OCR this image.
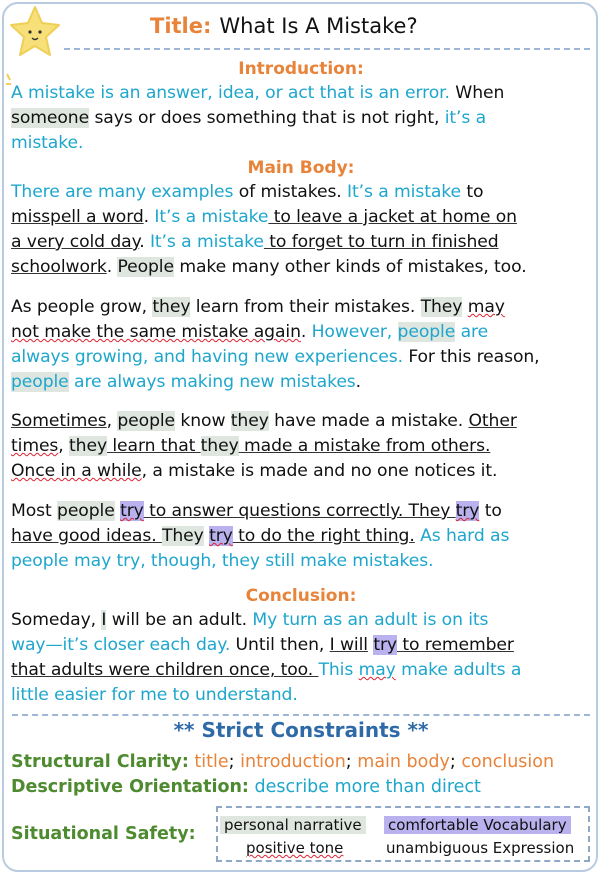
Title: What Is A Mistake?
Introduction:
A mistake is an answer, idea, or act that is an error. When
someone says or does something that is not right, it’s a
mistake.
Main Body:
There are many examples of mistakes. It’s a mistake to
misspell a word. It’s a mistake to leave a jacket at home on
a very cold day. It’s a mistake to forget to turn in finished
schoolwork. People make many other kinds of mistakes, too.
As people grow, they learn from their mistakes. They may
not make the same mistake again. However, people are
always growing, and having new experiences. For this reason,
people are always making new mistakes.
Sometimes, people know they have made a mistake. Other
times, they learn that they made a mistake from others.
Once in a while, a mistake is made and no one notices it.
Most people try to answer questions correctly. They try to
have good ideas. They try to do the right thing. As hard as
people may try, though, they still make mistakes.
Conclusion:
Someday, I will be an adult. My turn as an adult is on its
way—it’s closer each day. Until then, I will try to remember
that adults were children once, too. This may make adults a
little easier for me to understand.
** Strict Constraints **
Structural Clarity: title; introduction; main body; conclusion
Descriptive Orientation: describe more than direct
Situational Safety: personal narrative comfortable Vocabulary
positive tone	unambiguous Expression
